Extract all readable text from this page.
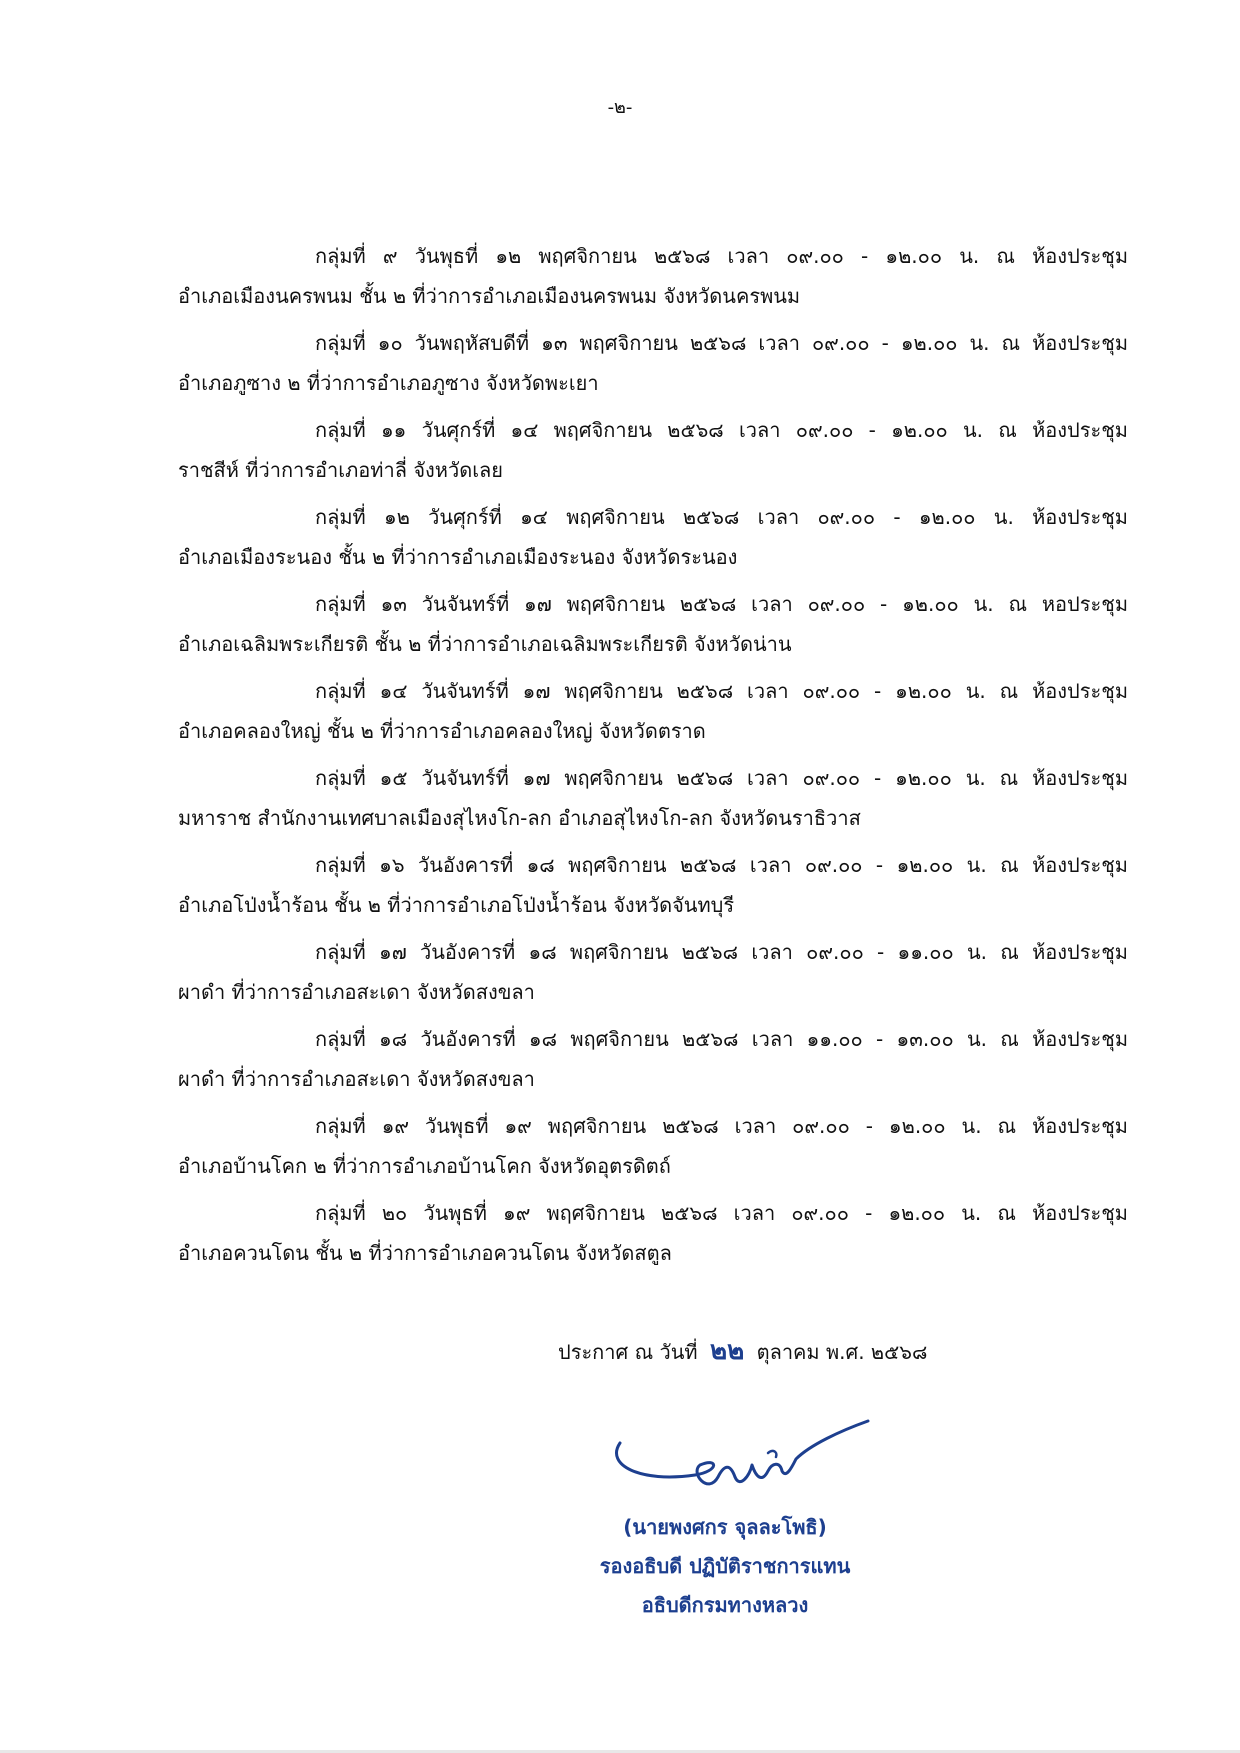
-๒-

กลุ่มที่ ๙ วันพุธที่ ๑๒ พฤศจิกายน ๒๕๖๘ เวลา ๐๙.๐๐ - ๑๒.๐๐ น. ณ ห้องประชุม

อำเภอเมืองนครพนม ชั้น ๒ ที่ว่าการอำเภอเมืองนครพนม จังหวัดนครพนม

กลุ่มที่ ๑๐ วันพฤหัสบดีที่ ๑๓ พฤศจิกายน ๒๕๖๘ เวลา ๐๙.๐๐ - ๑๒.๐๐ น. ณ ห้องประชุม

อำเภอภูซาง ๒ ที่ว่าการอำเภอภูซาง จังหวัดพะเยา

กลุ่มที่ ๑๑ วันศุกร์ที่ ๑๔ พฤศจิกายน ๒๕๖๘ เวลา ๐๙.๐๐ - ๑๒.๐๐ น. ณ ห้องประชุม

ราชสีห์ ที่ว่าการอำเภอท่าลี่ จังหวัดเลย

กลุ่มที่ ๑๒ วันศุกร์ที่ ๑๔ พฤศจิกายน ๒๕๖๘ เวลา ๐๙.๐๐ - ๑๒.๐๐ น. ห้องประชุม

อำเภอเมืองระนอง ชั้น ๒ ที่ว่าการอำเภอเมืองระนอง จังหวัดระนอง

กลุ่มที่ ๑๓ วันจันทร์ที่ ๑๗ พฤศจิกายน ๒๕๖๘ เวลา ๐๙.๐๐ - ๑๒.๐๐ น. ณ หอประชุม

อำเภอเฉลิมพระเกียรติ ชั้น ๒ ที่ว่าการอำเภอเฉลิมพระเกียรติ จังหวัดน่าน

กลุ่มที่ ๑๔ วันจันทร์ที่ ๑๗ พฤศจิกายน ๒๕๖๘ เวลา ๐๙.๐๐ - ๑๒.๐๐ น. ณ ห้องประชุม

อำเภอคลองใหญ่ ชั้น ๒ ที่ว่าการอำเภอคลองใหญ่ จังหวัดตราด

กลุ่มที่ ๑๕ วันจันทร์ที่ ๑๗ พฤศจิกายน ๒๕๖๘ เวลา ๐๙.๐๐ - ๑๒.๐๐ น. ณ ห้องประชุม

มหาราช สำนักงานเทศบาลเมืองสุไหงโก-ลก อำเภอสุไหงโก-ลก จังหวัดนราธิวาส

กลุ่มที่ ๑๖ วันอังคารที่ ๑๘ พฤศจิกายน ๒๕๖๘ เวลา ๐๙.๐๐ - ๑๒.๐๐ น. ณ ห้องประชุม

อำเภอโป่งน้ำร้อน ชั้น ๒ ที่ว่าการอำเภอโป่งน้ำร้อน จังหวัดจันทบุรี

กลุ่มที่ ๑๗ วันอังคารที่ ๑๘ พฤศจิกายน ๒๕๖๘ เวลา ๐๙.๐๐ - ๑๑.๐๐ น. ณ ห้องประชุม

ผาดำ ที่ว่าการอำเภอสะเดา จังหวัดสงขลา

กลุ่มที่ ๑๘ วันอังคารที่ ๑๘ พฤศจิกายน ๒๕๖๘ เวลา ๑๑.๐๐ - ๑๓.๐๐ น. ณ ห้องประชุม

ผาดำ ที่ว่าการอำเภอสะเดา จังหวัดสงขลา

กลุ่มที่ ๑๙ วันพุธที่ ๑๙ พฤศจิกายน ๒๕๖๘ เวลา ๐๙.๐๐ - ๑๒.๐๐ น. ณ ห้องประชุม

อำเภอบ้านโคก ๒ ที่ว่าการอำเภอบ้านโคก จังหวัดอุตรดิตถ์

กลุ่มที่ ๒๐ วันพุธที่ ๑๙ พฤศจิกายน ๒๕๖๘ เวลา ๐๙.๐๐ - ๑๒.๐๐ น. ณ ห้องประชุม

อำเภอควนโดน ชั้น ๒ ที่ว่าการอำเภอควนโดน จังหวัดสตูล

ประกาศ ณ วันที่ ๒๒ ตุลาคม พ.ศ. ๒๕๖๘

(นายพงศกร จุลละโพธิ)

รองอธิบดี ปฏิบัติราชการแทน

อธิบดีกรมทางหลวง
